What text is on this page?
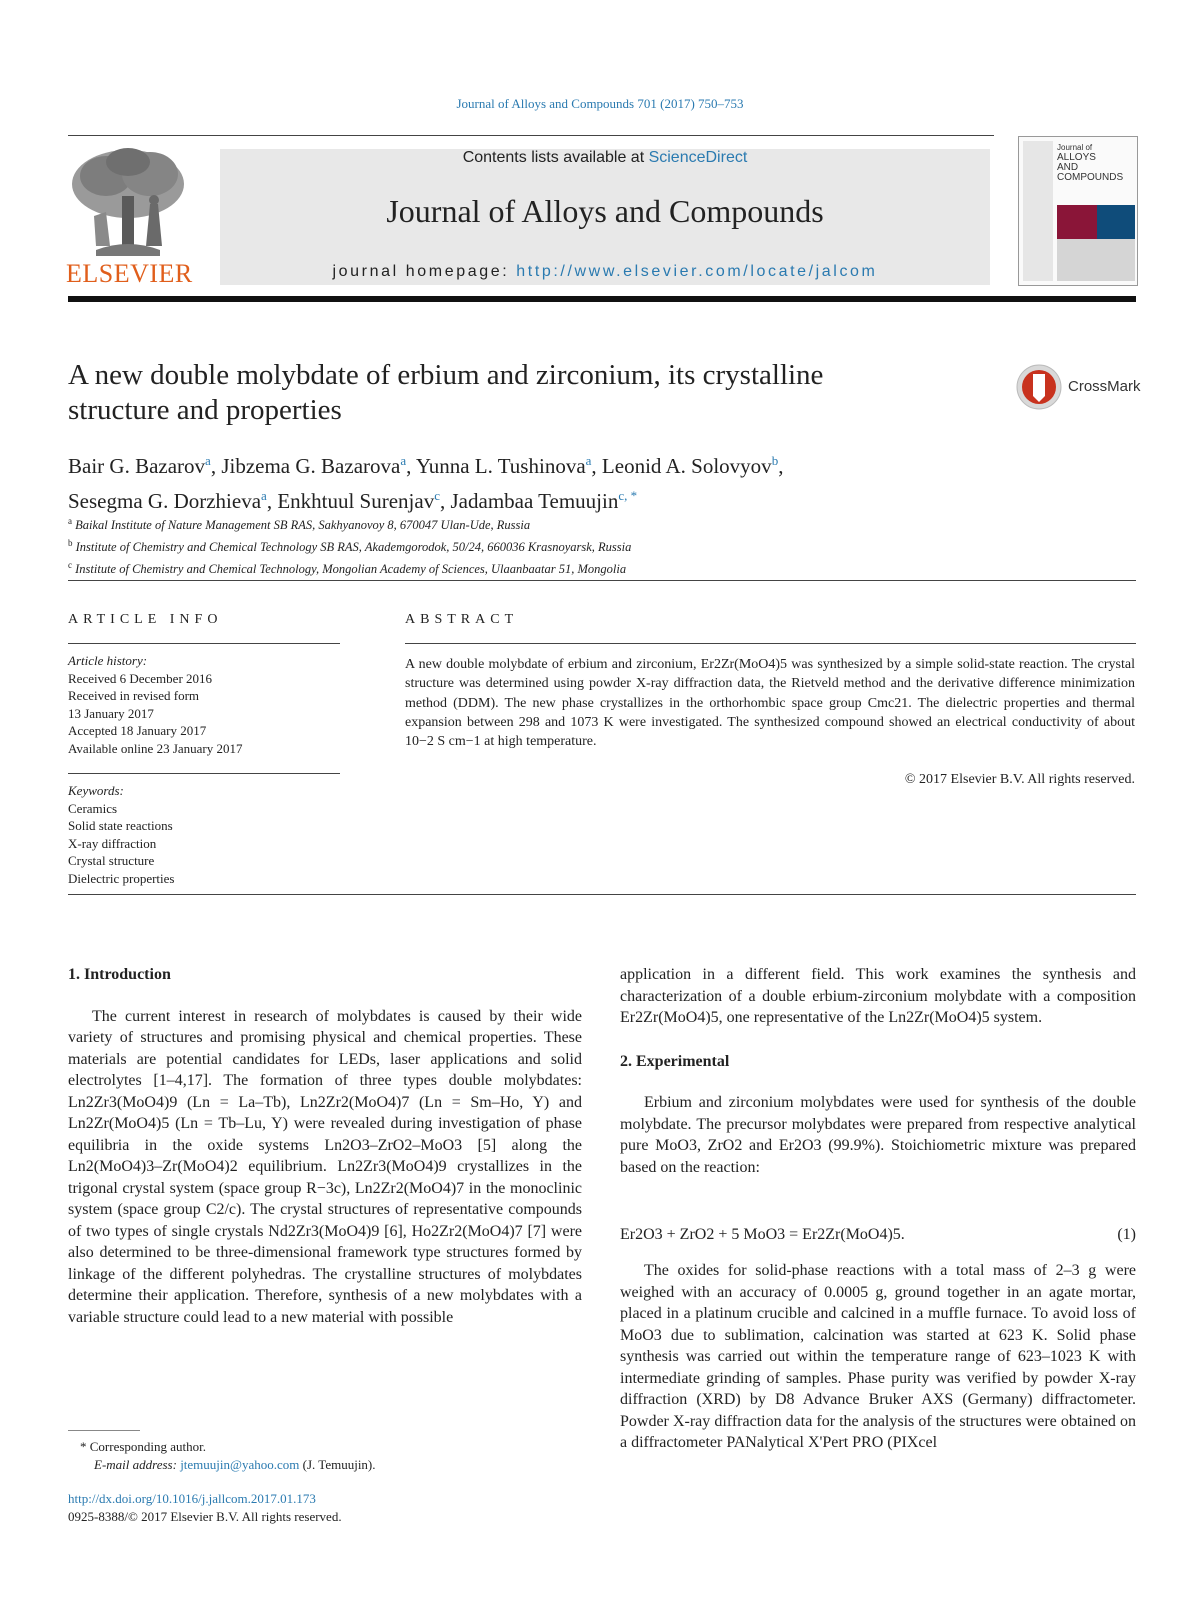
Journal of Alloys and Compounds 701 (2017) 750–753
ELSEVIER
Contents lists available at ScienceDirect
Journal of Alloys and Compounds
journal homepage: http://www.elsevier.com/locate/jalcom
Journal of
ALLOYS
AND COMPOUNDS
A new double molybdate of erbium and zirconium, its crystalline
structure and properties
CrossMark
Bair G. Bazarov$^a$, Jibzema G. Bazarova$^a$, Yunna L. Tushinova$^a$, Leonid A. Solovyov$^b$,
Sesegma G. Dorzhieva$^a$, Enkhtuul Surenjav$^c$, Jadambaa Temuujin$^{c, *}$
$^a$ Baikal Institute of Nature Management SB RAS, Sakhyanovoy 8, 670047 Ulan-Ude, Russia
$^b$ Institute of Chemistry and Chemical Technology SB RAS, Akademgorodok, 50/24, 660036 Krasnoyarsk, Russia
$^c$ Institute of Chemistry and Chemical Technology, Mongolian Academy of Sciences, Ulaanbaatar 51, Mongolia
ARTICLE INFO
Article history:
Received 6 December 2016
Received in revised form
13 January 2017
Accepted 18 January 2017
Available online 23 January 2017
Keywords:
Ceramics
Solid state reactions
X-ray diffraction
Crystal structure
Dielectric properties
ABSTRACT
A new double molybdate of erbium and zirconium, Er2Zr(MoO4)5 was synthesized by a simple solid-state reaction. The crystal structure was determined using powder X-ray diffraction data, the Rietveld method and the derivative difference minimization method (DDM). The new phase crystallizes in the orthorhombic space group Cmc21. The dielectric properties and thermal expansion between 298 and 1073 K were investigated. The synthesized compound showed an electrical conductivity of about 10−2 S cm−1 at high temperature.
© 2017 Elsevier B.V. All rights reserved.
1. Introduction

The current interest in research of molybdates is caused by their wide variety of structures and promising physical and chemical properties. These materials are potential candidates for LEDs, laser applications and solid electrolytes [1–4,17]. The formation of three types double molybdates: Ln2Zr3(MoO4)9 (Ln = La–Tb), Ln2Zr2(MoO4)7 (Ln = Sm–Ho, Y) and Ln2Zr(MoO4)5 (Ln = Tb–Lu, Y) were revealed during investigation of phase equilibria in the oxide systems Ln2O3–ZrO2–MoO3 [5] along the Ln2(MoO4)3–Zr(MoO4)2 equilibrium. Ln2Zr3(MoO4)9 crystallizes in the trigonal crystal system (space group R−3c), Ln2Zr2(MoO4)7 in the monoclinic system (space group C2/c). The crystal structures of representative compounds of two types of single crystals Nd2Zr3(MoO4)9 [6], Ho2Zr2(MoO4)7 [7] were also determined to be three-dimensional framework type structures formed by linkage of the different polyhedras. The crystalline structures of molybdates determine their application. Therefore, synthesis of a new molybdates with a variable structure could lead to a new material with possible

application in a different field. This work examines the synthesis and characterization of a double erbium-zirconium molybdate with a composition Er2Zr(MoO4)5, one representative of the Ln2Zr(MoO4)5 system.

2. Experimental

Erbium and zirconium molybdates were used for synthesis of the double molybdate. The precursor molybdates were prepared from respective analytical pure MoO3, ZrO2 and Er2O3 (99.9%). Stoichiometric mixture was prepared based on the reaction:

Er2O3 + ZrO2 + 5 MoO3 = Er2Zr(MoO4)5.	(1)

The oxides for solid-phase reactions with a total mass of 2–3 g were weighed with an accuracy of 0.0005 g, ground together in an agate mortar, placed in a platinum crucible and calcined in a muffle furnace. To avoid loss of MoO3 due to sublimation, calcination was started at 623 K. Solid phase synthesis was carried out within the temperature range of 623–1023 K with intermediate grinding of samples. Phase purity was verified by powder X-ray diffraction (XRD) by D8 Advance Bruker AXS (Germany) diffractometer. Powder X-ray diffraction data for the analysis of the structures were obtained on a diffractometer PANalytical X'Pert PRO (PIXcel

* Corresponding author.
E-mail address: jtemuujin@yahoo.com (J. Temuujin).
http://dx.doi.org/10.1016/j.jallcom.2017.01.173
0925-8388/© 2017 Elsevier B.V. All rights reserved.
